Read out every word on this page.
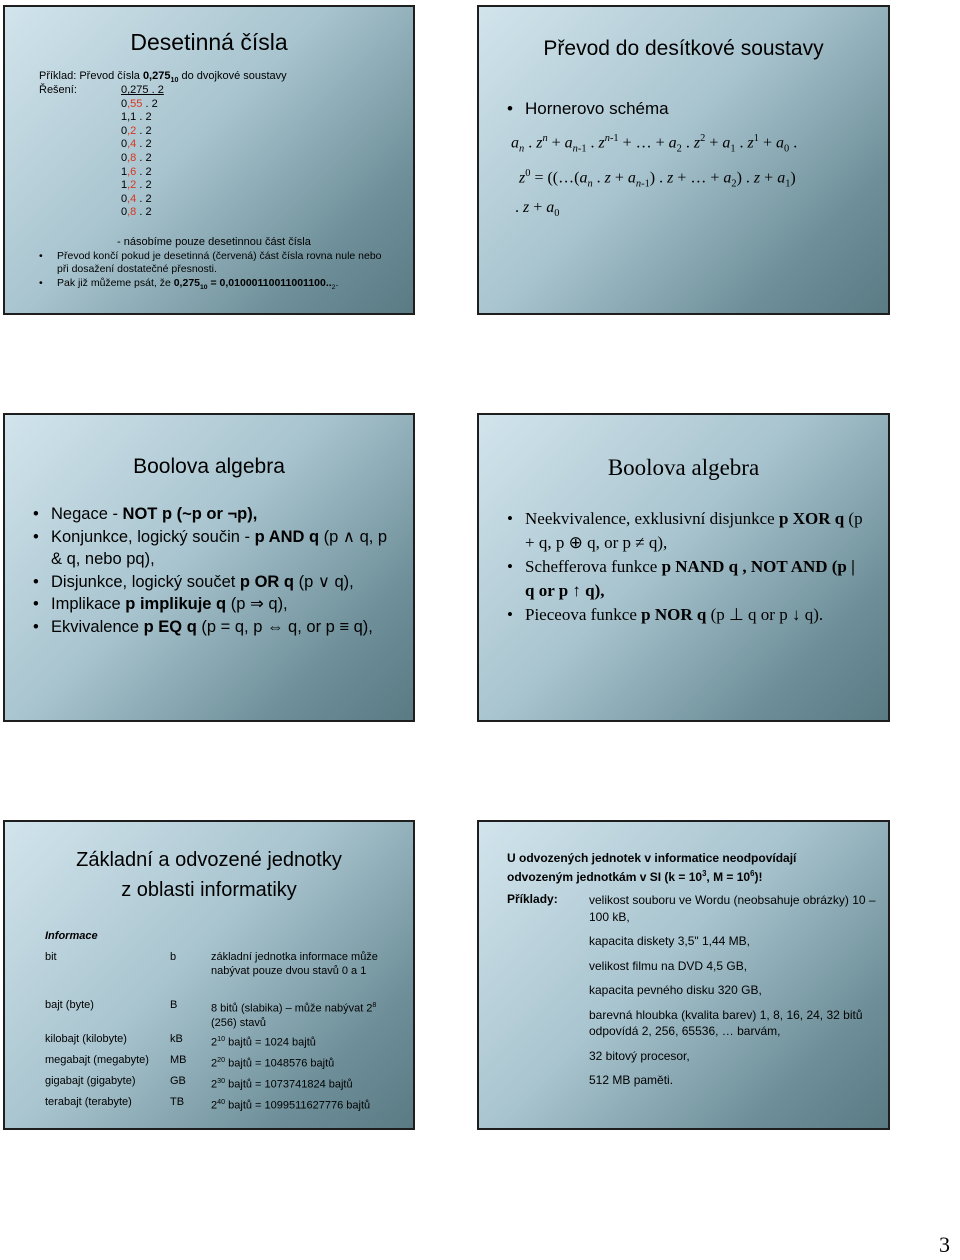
Desetinná čísla
Příklad: Převod čísla $0,275_{10}$ do dvojkové soustavy
Řešení:	0,275 . 2
0,55 . 2
1,1 . 2
0,2 . 2
0,4 . 2
0,8 . 2
1,6 . 2
1,2 . 2
0,4 . 2
0,8 . 2
- násobíme pouze desetinnou část čísla
• Převod končí pokud je desetinná (červená) část čísla rovna nule nebo při dosažení dostatečné přesnosti.
• Pak již můžeme psát, že $0,275_{10} = 0,01000110011001100.._2$.
Převod do desítkové soustavy
• Hornerovo schéma
$a_n$ . $z^n + a_{n-1}$ . $z^{n-1}$ + … + $a_2$ . $z^2 + a_1$ . $z^1 + a_0$ .
$z^0$ = (($\dots(a_n$ . $z + a_{n-1}$) . z + … + $a_2$) . $z + a_1$)
. $z + a_0$
Boolova algebra
• Negace - NOT p (~p or ¬p),
• Konjunkce, logický součin - p AND q (p ∧ q, p & q, nebo pq),
• Disjunkce, logický součet p OR q (p ∨ q),
• Implikace p implikuje q (p ⇒ q),
• Ekvivalence p EQ q (p = q, p ⇔ q, or p ≡ q),
Boolova algebra
• Neekvivalence, exklusivní disjunkce p XOR q (p + q, p ⊕ q, or p ≠ q),
• Schefferova funkce p NAND q , NOT AND (p | q or p ↑ q),
• Pieceova funkce p NOR q (p ⊥ q or p ↓ q).
Základní a odvozené jednotky
z oblasti informatiky
Informace
bit	b	základní jednotka informace může nabývat pouze dvou stavů 0 a 1
bajt (byte)	B	8 bitů (slabika) – může nabývat $2^8$ (256) stavů
kilobajt (kilobyte)	kB	$2^{10}$ bajtů = 1024 bajtů
megabajt (megabyte) MB $2^{20}$ bajtů = 1048576 bajtů
gigabajt (gigabyte)	GB $2^{30}$ bajtů = 1073741824 bajtů
terabajt (terabyte)	TB $2^{40}$ bajtů = 1099511627776 bajtů
U odvozených jednotek v informatice neodpovídají odvozeným jednotkám v SI ($k = 10^3$, $M = 10^6$)!
Příklady:	velikost souboru ve Wordu (neobsahuje obrázky) 10 – 100 kB,
kapacita diskety 3,5" 1,44 MB,
velikost filmu na DVD 4,5 GB,
kapacita pevného disku 320 GB,
barevná hloubka (kvalita barev) 1, 8, 16, 24, 32 bitů odpovídá 2, 256, 65536, … barvám,
32 bitový procesor,
512 MB paměti.
3
